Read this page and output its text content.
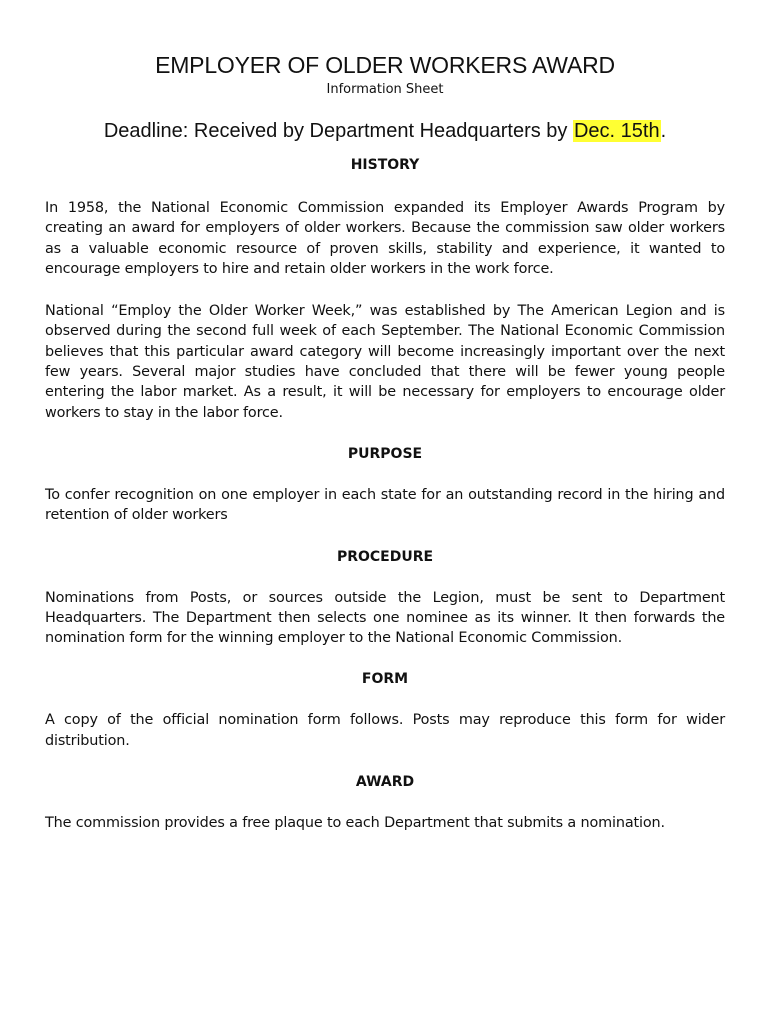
EMPLOYER OF OLDER WORKERS AWARD

Information Sheet

Deadline: Received by Department Headquarters by Dec. 15th.

HISTORY

In 1958, the National Economic Commission expanded its Employer Awards Program by creating an award for employers of older workers. Because the commission saw older workers as a valuable economic resource of proven skills, stability and experience, it wanted to encourage employers to hire and retain older workers in the work force.

National “Employ the Older Worker Week,” was established by The American Legion and is observed during the second full week of each September. The National Economic Commission believes that this particular award category will become increasingly important over the next few years. Several major studies have concluded that there will be fewer young people entering the labor market. As a result, it will be necessary for employers to encourage older workers to stay in the labor force.

PURPOSE

To confer recognition on one employer in each state for an outstanding record in the hiring and retention of older workers

PROCEDURE

Nominations from Posts, or sources outside the Legion, must be sent to Department Headquarters. The Department then selects one nominee as its winner. It then forwards the nomination form for the winning employer to the National Economic Commission.

FORM

A copy of the official nomination form follows. Posts may reproduce this form for wider distribution.

AWARD

The commission provides a free plaque to each Department that submits a nomination.
